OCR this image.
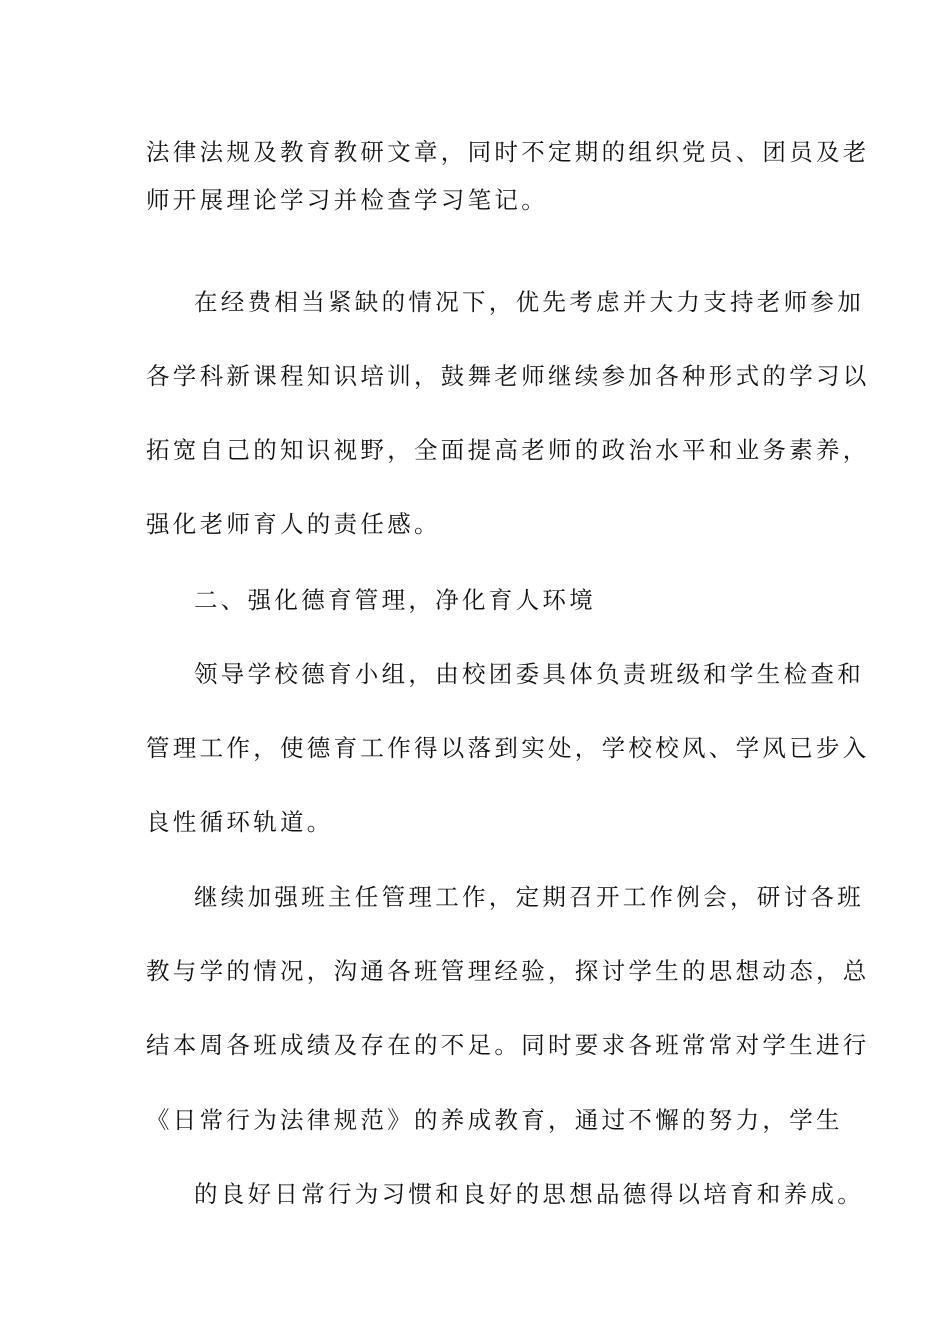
法律法规及教育教研文章，同时不定期的组织党员、团员及老
师开展理论学习并检查学习笔记。
在经费相当紧缺的情况下，优先考虑并大力支持老师参加
各学科新课程知识培训，鼓舞老师继续参加各种形式的学习以
拓宽自己的知识视野，全面提高老师的政治水平和业务素养，
强化老师育人的责任感。
二、强化德育管理，净化育人环境
领导学校德育小组，由校团委具体负责班级和学生检查和
管理工作，使德育工作得以落到实处，学校校风、学风已步入
良性循环轨道。
继续加强班主任管理工作，定期召开工作例会，研讨各班
教与学的情况，沟通各班管理经验，探讨学生的思想动态，总
结本周各班成绩及存在的不足。同时要求各班常常对学生进行
《日常行为法律规范》的养成教育，通过不懈的努力，学生
的良好日常行为习惯和良好的思想品德得以培育和养成。
